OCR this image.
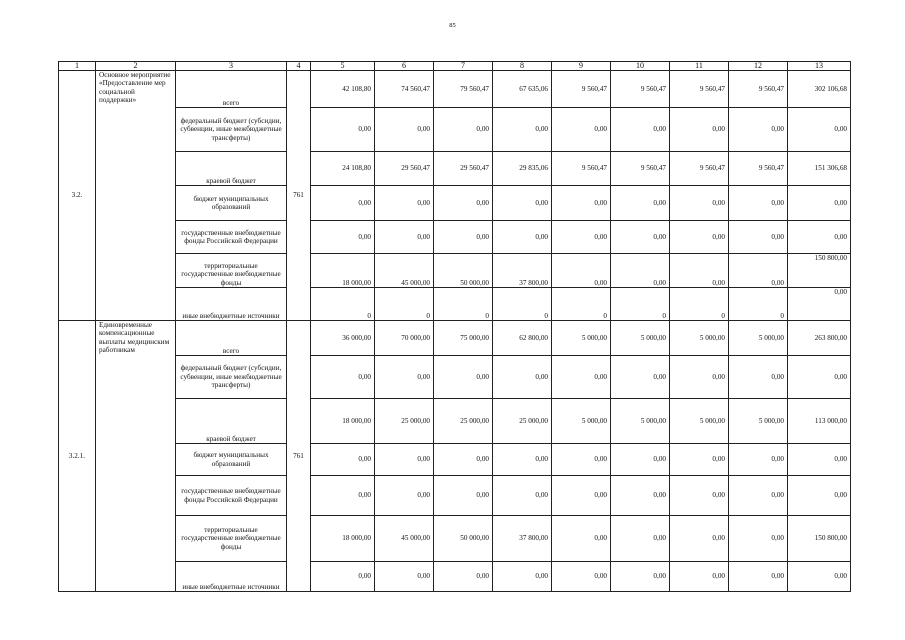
85
1	2	3	4	5	6	7	8	9	10	11	12	13
3.2.	Основное мероприятие «Предоставление мер социальной поддержки»	всего	761	42 108,80	74 560,47	79 560,47	67 635,06	9 560,47	9 560,47	9 560,47	9 560,47	302 106,68
		федеральный бюджет (субсидии, субвенции, иные межбюджетные трансферты)		0,00	0,00	0,00	0,00	0,00	0,00	0,00	0,00	0,00
		краевой бюджет		24 108,80	29 560,47	29 560,47	29 835,06	9 560,47	9 560,47	9 560,47	9 560,47	151 306,68
		бюджет муниципальных образований		0,00	0,00	0,00	0,00	0,00	0,00	0,00	0,00	0,00
		государственные внебюджетные фонды Российской Федерации		0,00	0,00	0,00	0,00	0,00	0,00	0,00	0,00	0,00
		территориальные государственные внебюджетные фонды		18 000,00	45 000,00	50 000,00	37 800,00	0,00	0,00	0,00	0,00	150 800,00
		иные внебюджетные источники		0	0	0	0	0	0	0	0	0,00
3.2.1.	Единовременные компенсационные выплаты медицинским работникам	всего	761	36 000,00	70 000,00	75 000,00	62 800,00	5 000,00	5 000,00	5 000,00	5 000,00	263 800,00
		федеральный бюджет (субсидии, субвенции, иные межбюджетные трансферты)		0,00	0,00	0,00	0,00	0,00	0,00	0,00	0,00	0,00
		краевой бюджет		18 000,00	25 000,00	25 000,00	25 000,00	5 000,00	5 000,00	5 000,00	5 000,00	113 000,00
		бюджет муниципальных образований		0,00	0,00	0,00	0,00	0,00	0,00	0,00	0,00	0,00
		государственные внебюджетные фонды Российской Федерации		0,00	0,00	0,00	0,00	0,00	0,00	0,00	0,00	0,00
		территориальные государственные внебюджетные фонды		18 000,00	45 000,00	50 000,00	37 800,00	0,00	0,00	0,00	0,00	150 800,00
		иные внебюджетные источники		0,00	0,00	0,00	0,00	0,00	0,00	0,00	0,00	0,00
